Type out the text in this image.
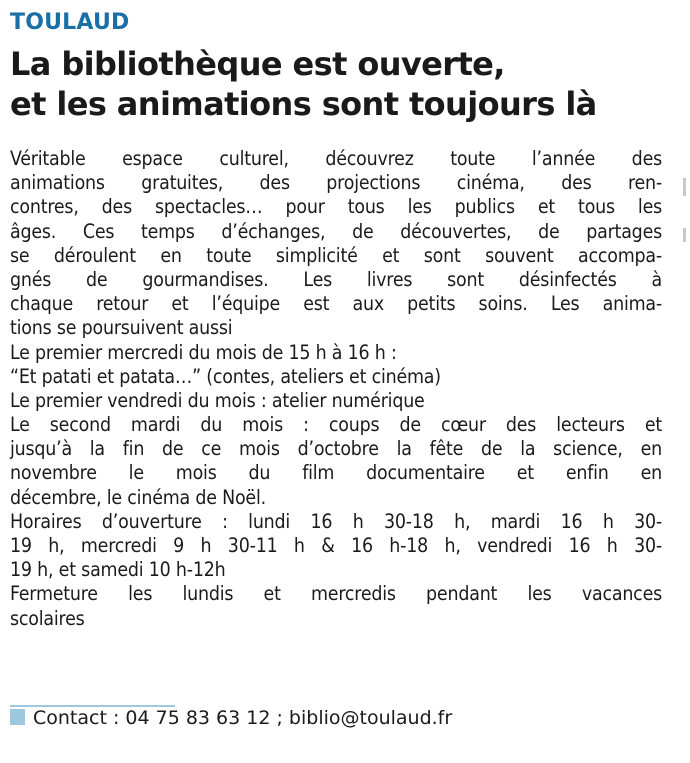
TOULAUD
La bibliothèque est ouverte,
et les animations sont toujours là
Véritable espace culturel, découvrez toute l’année des
animations gratuites, des projections cinéma, des ren-
contres, des spectacles… pour tous les publics et tous les
âges. Ces temps d’échanges, de découvertes, de partages
se déroulent en toute simplicité et sont souvent accompa-
gnés de gourmandises. Les livres sont désinfectés à
chaque retour et l’équipe est aux petits soins. Les anima-
tions se poursuivent aussi
Le premier mercredi du mois de 15 h à 16 h :
“Et patati et patata…” (contes, ateliers et cinéma)
Le premier vendredi du mois : atelier numérique
Le second mardi du mois : coups de cœur des lecteurs et
jusqu’à la fin de ce mois d’octobre la fête de la science, en
novembre le mois du film documentaire et enfin en
décembre, le cinéma de Noël.
Horaires d’ouverture : lundi 16 h 30-18 h, mardi 16 h 30-
19 h, mercredi 9 h 30-11 h & 16 h-18 h, vendredi 16 h 30-
19 h, et samedi 10 h-12h
Fermeture les lundis et mercredis pendant les vacances
scolaires
Contact : 04 75 83 63 12 ; biblio@toulaud.fr
